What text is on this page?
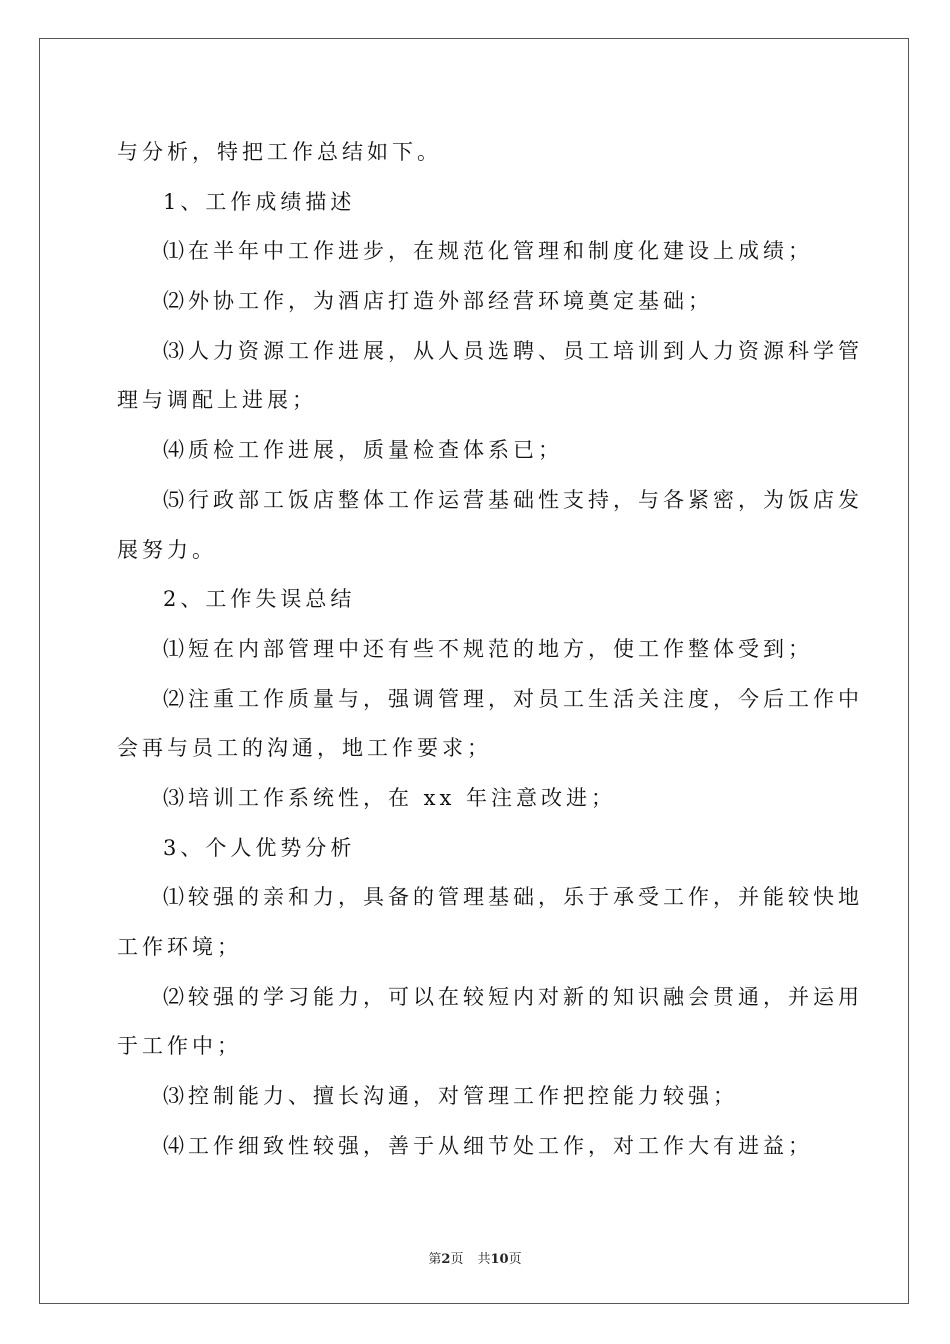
与分析，特把工作总结如下。
1、工作成绩描述
⑴在半年中工作进步，在规范化管理和制度化建设上成绩；
⑵外协工作，为酒店打造外部经营环境奠定基础；
⑶人力资源工作进展，从人员选聘、员工培训到人力资源科学管
理与调配上进展；
⑷质检工作进展，质量检查体系已；
⑸行政部工饭店整体工作运营基础性支持，与各紧密，为饭店发
展努力。
2、工作失误总结
⑴短在内部管理中还有些不规范的地方，使工作整体受到；
⑵注重工作质量与，强调管理，对员工生活关注度，今后工作中
会再与员工的沟通，地工作要求；
⑶培训工作系统性，在 xx 年注意改进；
3、个人优势分析
⑴较强的亲和力，具备的管理基础，乐于承受工作，并能较快地
工作环境；
⑵较强的学习能力，可以在较短内对新的知识融会贯通，并运用
于工作中；
⑶控制能力、擅长沟通，对管理工作把控能力较强；
⑷工作细致性较强，善于从细节处工作，对工作大有进益；
第2页 共10页
